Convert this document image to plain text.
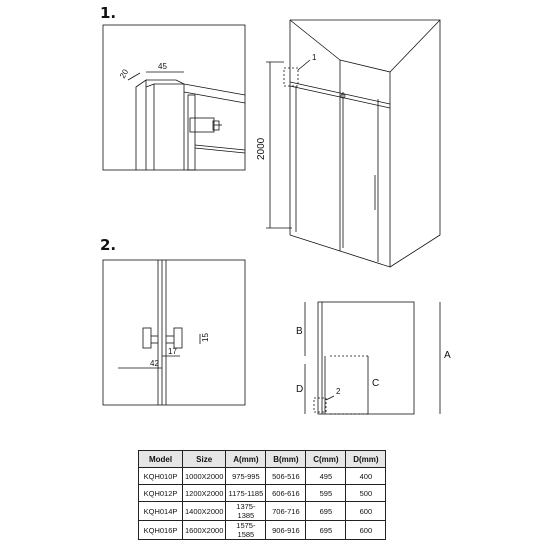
1.
2.
45
20
1
2000
42
17
15
A
B
C
D	2
Model	Size	A(mm)	B(mm)	C(mm)	D(mm)
KQH010P	1000X2000	975-995	506-516	495	400
KQH012P	1200X2000	1175-1185	606-616	595	500
KQH014P	1400X2000	1375-1385	706-716	695	600
KQH016P	1600X2000	1575-1585	906-916	695	600
